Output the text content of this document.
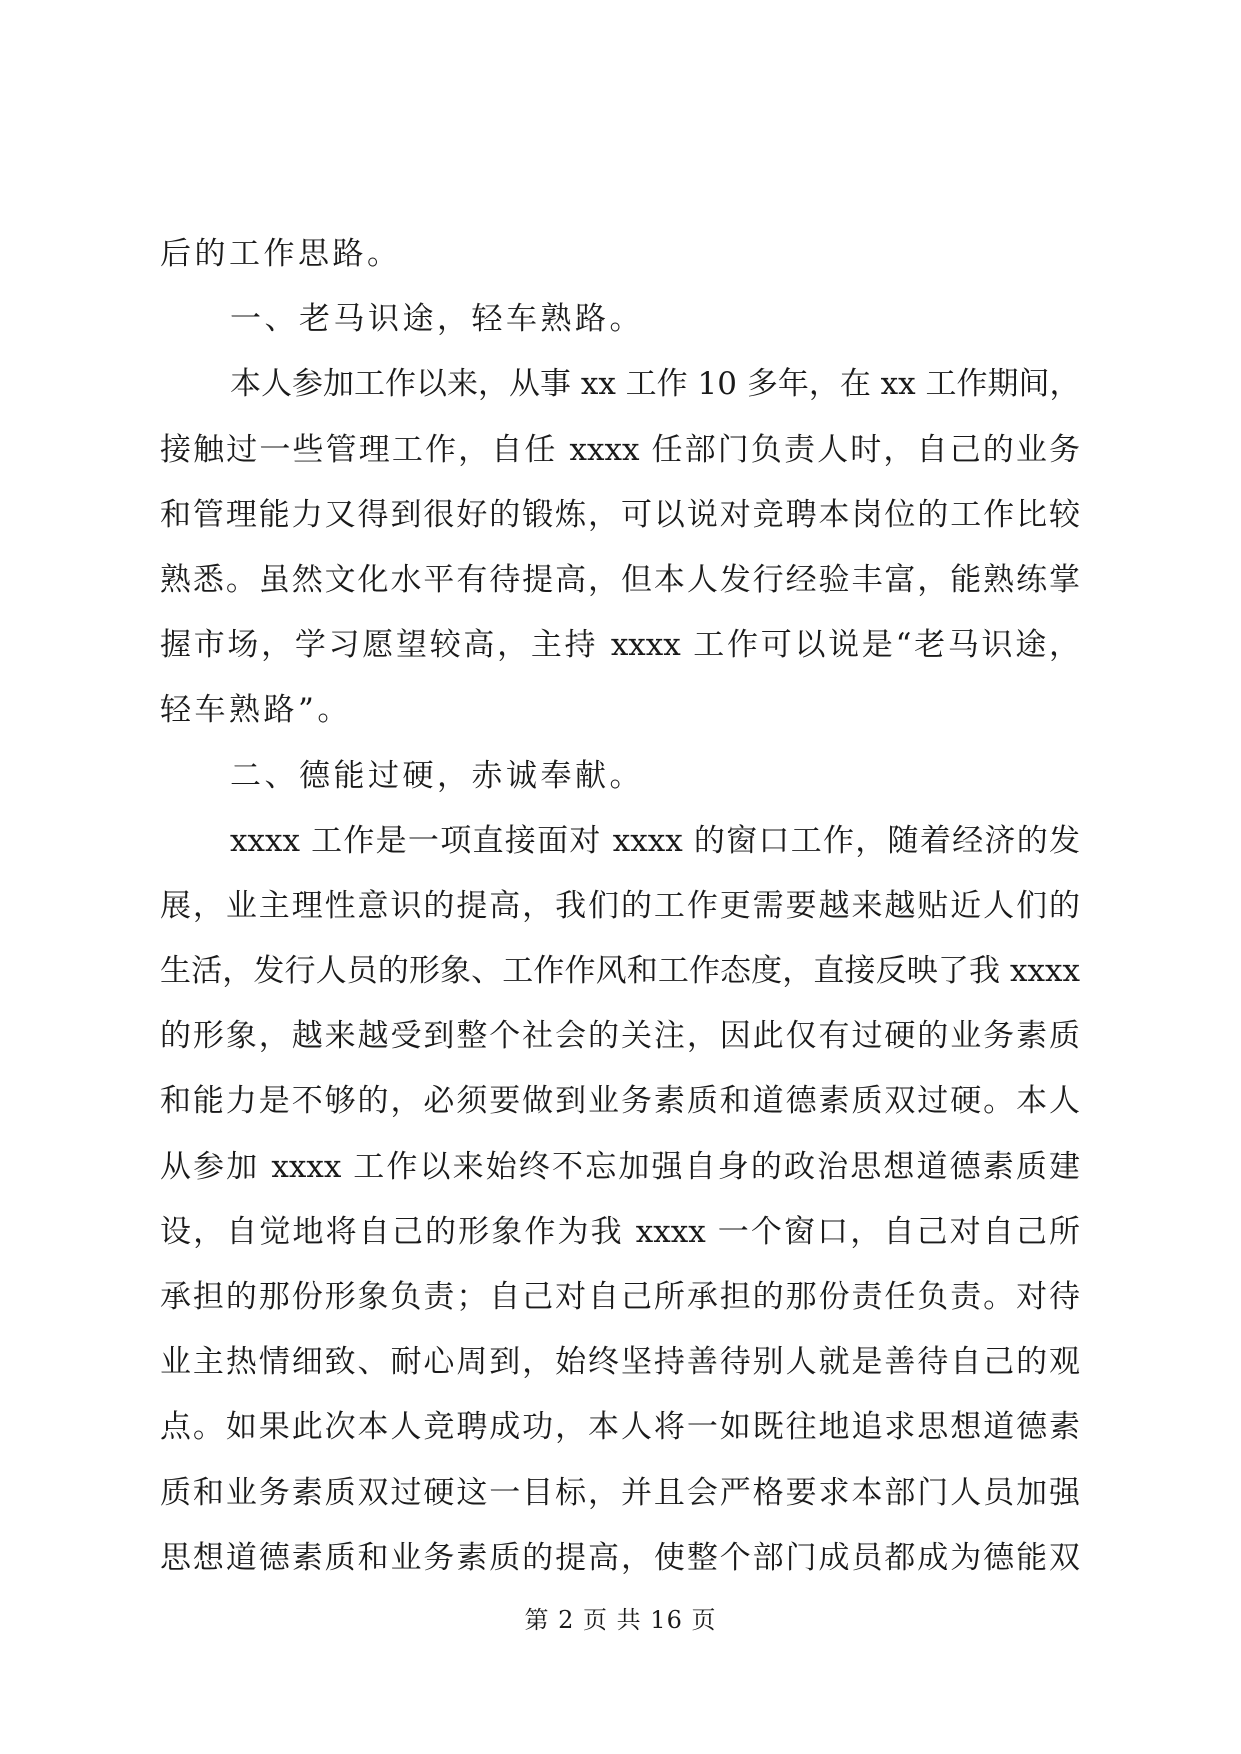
后的工作思路。
一、老马识途，轻车熟路。
本人参加工作以来，从事 xx 工作 10 多年，在 xx 工作期间，
接触过一些管理工作，自任 xxxx 任部门负责人时，自己的业务
和管理能力又得到很好的锻炼，可以说对竞聘本岗位的工作比较
熟悉。虽然文化水平有待提高，但本人发行经验丰富，能熟练掌
握市场，学习愿望较高，主持 xxxx 工作可以说是“老马识途，
轻车熟路”。
二、德能过硬，赤诚奉献。
xxxx 工作是一项直接面对 xxxx 的窗口工作，随着经济的发
展，业主理性意识的提高，我们的工作更需要越来越贴近人们的
生活，发行人员的形象、工作作风和工作态度，直接反映了我 xxxx
的形象，越来越受到整个社会的关注，因此仅有过硬的业务素质
和能力是不够的，必须要做到业务素质和道德素质双过硬。本人
从参加 xxxx 工作以来始终不忘加强自身的政治思想道德素质建
设，自觉地将自己的形象作为我 xxxx 一个窗口，自己对自己所
承担的那份形象负责；自己对自己所承担的那份责任负责。对待
业主热情细致、耐心周到，始终坚持善待别人就是善待自己的观
点。如果此次本人竞聘成功，本人将一如既往地追求思想道德素
质和业务素质双过硬这一目标，并且会严格要求本部门人员加强
思想道德素质和业务素质的提高，使整个部门成员都成为德能双
第 2 页 共 16 页
